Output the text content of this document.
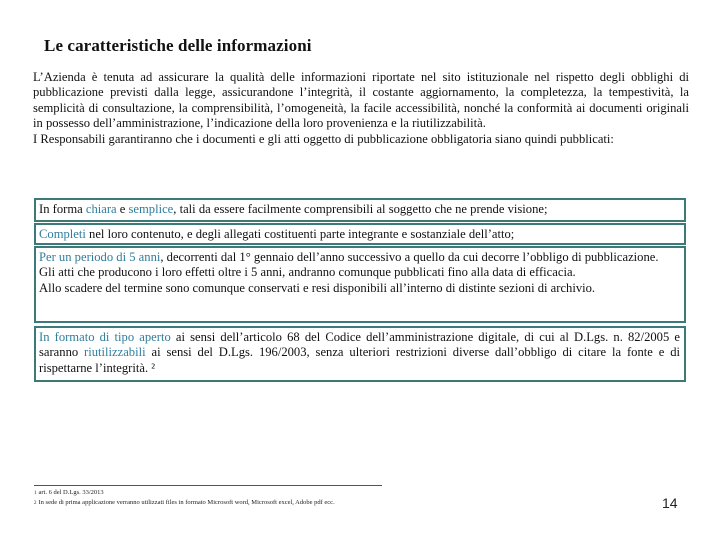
Le caratteristiche delle informazioni

L’Azienda è tenuta ad assicurare la qualità delle informazioni riportate nel sito istituzionale nel rispetto degli obblighi di pubblicazione previsti dalla legge, assicurandone l’integrità, il costante aggiornamento, la completezza, la tempestività, la semplicità di consultazione, la comprensibilità, l’omogeneità, la facile accessibilità, nonché la conformità ai documenti originali in possesso dell’amministrazione, l’indicazione della loro provenienza e la riutilizzabilità.

I Responsabili garantiranno che i documenti e gli atti oggetto di pubblicazione obbligatoria siano quindi pubblicati:

In forma chiara e semplice, tali da essere facilmente comprensibili al soggetto che ne prende visione;

Completi nel loro contenuto, e degli allegati costituenti parte integrante e sostanziale dell’atto;

Per un periodo di 5 anni, decorrenti dal 1° gennaio dell’anno successivo a quello da cui decorre l’obbligo di pubblicazione.

Gli atti che producono i loro effetti oltre i 5 anni, andranno comunque pubblicati fino alla data di efficacia.

Allo scadere del termine sono comunque conservati e resi disponibili all’interno di distinte sezioni di archivio.

In formato di tipo aperto ai sensi dell’articolo 68 del Codice dell’amministrazione digitale, di cui al D.Lgs. n. 82/2005 e saranno riutilizzabili ai sensi del D.Lgs. 196/2003, senza ulteriori restrizioni diverse dall’obbligo di citare la fonte e di rispettarne l’integrità. ²

1 art. 6 del D.Lgs. 33/2013
2 In sede di prima applicazione verranno utilizzati files in formato Microsoft word, Microsoft excel, Adobe pdf ecc.	14
